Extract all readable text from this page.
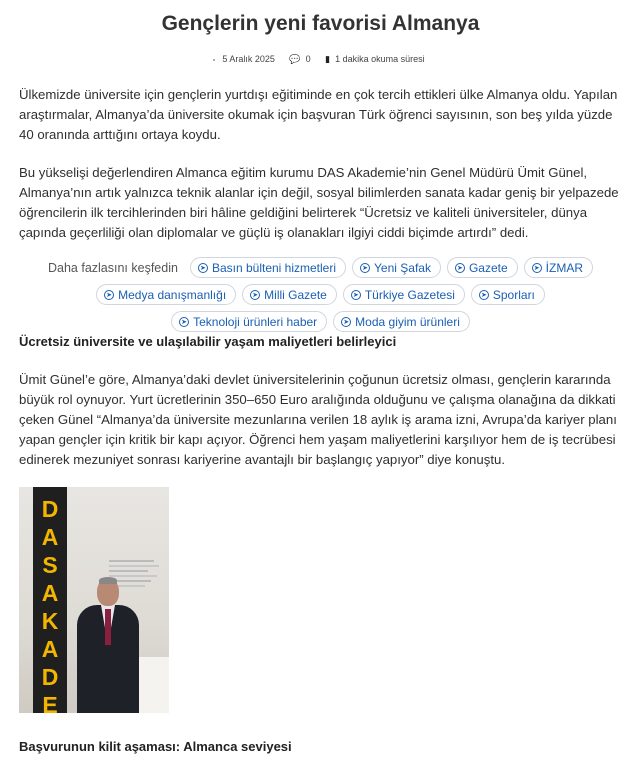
Gençlerin yeni favorisi Almanya
5 Aralık 2025 💬 0 ▮ 1 dakika okuma süresi

Ülkemizde üniversite için gençlerin yurtdışı eğitiminde en çok tercih ettikleri ülke Almanya oldu. Yapılan araştırmalar, Almanya’da üniversite okumak için başvuran Türk öğrenci sayısının, son beş yılda yüzde 40 oranında arttığını ortaya koydu.

Bu yükselişi değerlendiren Almanca eğitim kurumu DAS Akademie’nin Genel Müdürü Ümit Günel, Almanya’nın artık yalnızca teknik alanlar için değil, sosyal bilimlerden sanata kadar geniş bir yelpazede öğrencilerin ilk tercihlerinden biri hâline geldiğini belirterek “Ücretsiz ve kaliteli üniversiteler, dünya çapında geçerliliği olan diplomalar ve güçlü iş olanakları ilgiyi ciddi biçimde artırdı” dedi.

Daha fazlasını keşfedin	➤ Basın bülteni hizmetleri	➤ Yeni Şafak	➤ Gazete	➤ İZMAR
➤ Medya danışmanlığı	➤ Milli Gazete	➤ Türkiye Gazetesi	➤ Sporları
➤ Teknoloji ürünleri haber	➤ Moda giyim ürünleri
Ücretsiz üniversite ve ulaşılabilir yaşam maliyetleri belirleyici

Ümit Günel’e göre, Almanya’daki devlet üniversitelerinin çoğunun ücretsiz olması, gençlerin kararında büyük rol oynuyor. Yurt ücretlerinin 350–650 Euro aralığında olduğunu ve çalışma olanağına da dikkati çeken Günel “Almanya’da üniversite mezunlarına verilen 18 aylık iş arama izni, Avrupa’da kariyer planı yapan gençler için kritik bir kapı açıyor. Öğrenci hem yaşam maliyetlerini karşılıyor hem de iş tecrübesi edinerek mezuniyet sonrası kariyerine avantajlı bir başlangıç yapıyor” diye konuştu.

D
A
S
A
K
A
D
E
Başvurunun kilit aşaması: Almanca seviyesi
